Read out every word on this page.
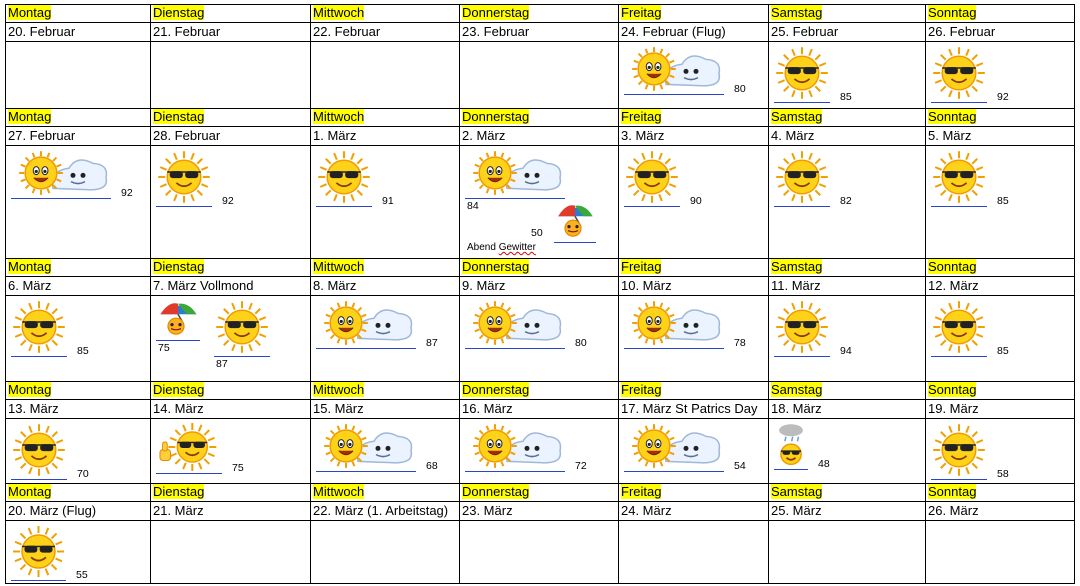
Montag
20. Februar
Dienstag
21. Februar
Mittwoch
22. Februar
Donnerstag
23. Februar
Freitag
24. Februar (Flug)
80
Samstag
25. Februar
85
Sonntag
26. Februar
92
Montag
27. Februar
92
Dienstag
28. Februar
92
Mittwoch
1. März
91
Donnerstag
2. März
84
50
Abend Gewitter
Freitag
3. März
90
Samstag
4. März
82
Sonntag
5. März
85
Montag
6. März
85
Dienstag
7. März Vollmond
75
87
Mittwoch
8. März
87
Donnerstag
9. März
80
Freitag
10. März
78
Samstag
11. März
94
Sonntag
12. März
85
Montag
13. März
70
Dienstag
14. März
75
Mittwoch
15. März
68
Donnerstag
16. März
72
Freitag
17. März St Patrics Day
54
Samstag
18. März
48
Sonntag
19. März
58
Montag
20. März (Flug)
55
Dienstag
21. März
Mittwoch
22. März (1. Arbeitstag)
Donnerstag
23. März
Freitag
24. März
Samstag
25. März
Sonntag
26. März
